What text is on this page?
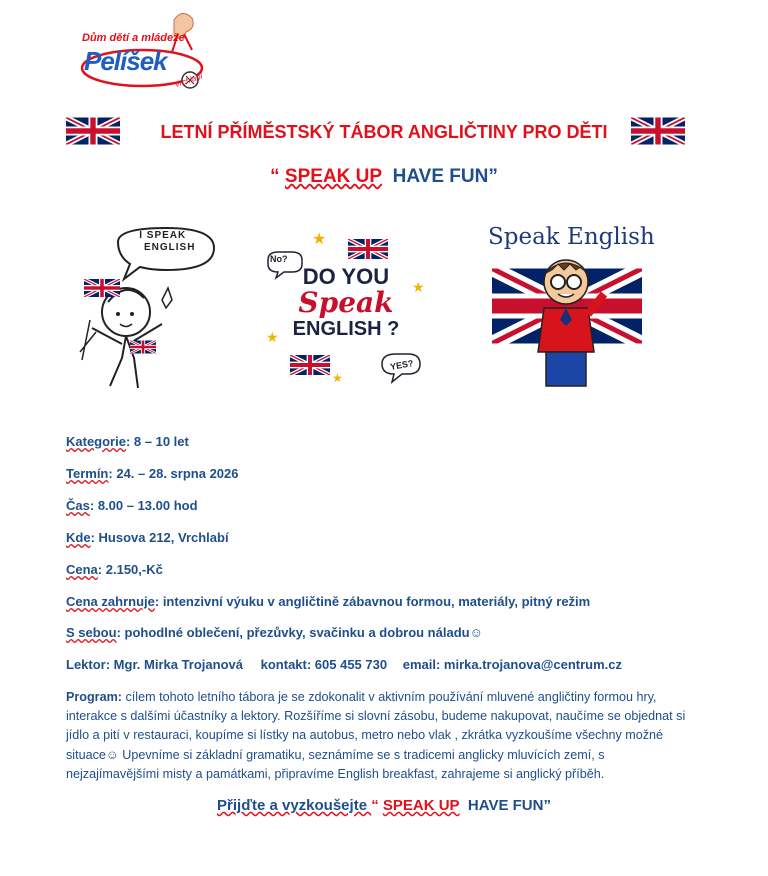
Dům dětí a mládeže
Pelíšek
Vrchlabí
LETNÍ PŘÍMĚSTSKÝ TÁBOR ANGLIČTINY PRO DĚTI
“ SPEAK UP HAVE FUN”
I SPEAK
ENGLISH	★
★
★
★
No?
YES?
DO YOU
Speak
ENGLISH ?
Speak English
Kategorie: 8 – 10 let
Termín: 24. – 28. srpna 2026
Čas: 8.00 – 13.00 hod
Kde: Husova 212, Vrchlabí
Cena: 2.150,-Kč
Cena zahrnuje: intenzivní výuku v angličtině zábavnou formou, materiály, pitný režim
S sebou: pohodlné oblečení, přezůvky, svačinku a dobrou náladu☺
Lektor: Mgr. Mirka Trojanová kontakt: 605 455 730 email: mirka.trojanova@centrum.cz
Program: cílem tohoto letního tábora je se zdokonalit v aktivním používání mluvené angličtiny formou hry, interakce s dalšími účastníky a lektory. Rozšíříme si slovní zásobu, budeme nakupovat, naučíme se objednat si jídlo a pití v restauraci, koupíme si lístky na autobus, metro nebo vlak , zkrátka vyzkoušíme všechny možné situace☺ Upevníme si základní gramatiku, seznámíme se s tradicemi anglicky mluvících zemí, s nejzajímavějšími misty a památkami, připravíme English breakfast, zahrajeme si anglický příběh.
Přijďte a vyzkoušejte “ SPEAK UP HAVE FUN”
